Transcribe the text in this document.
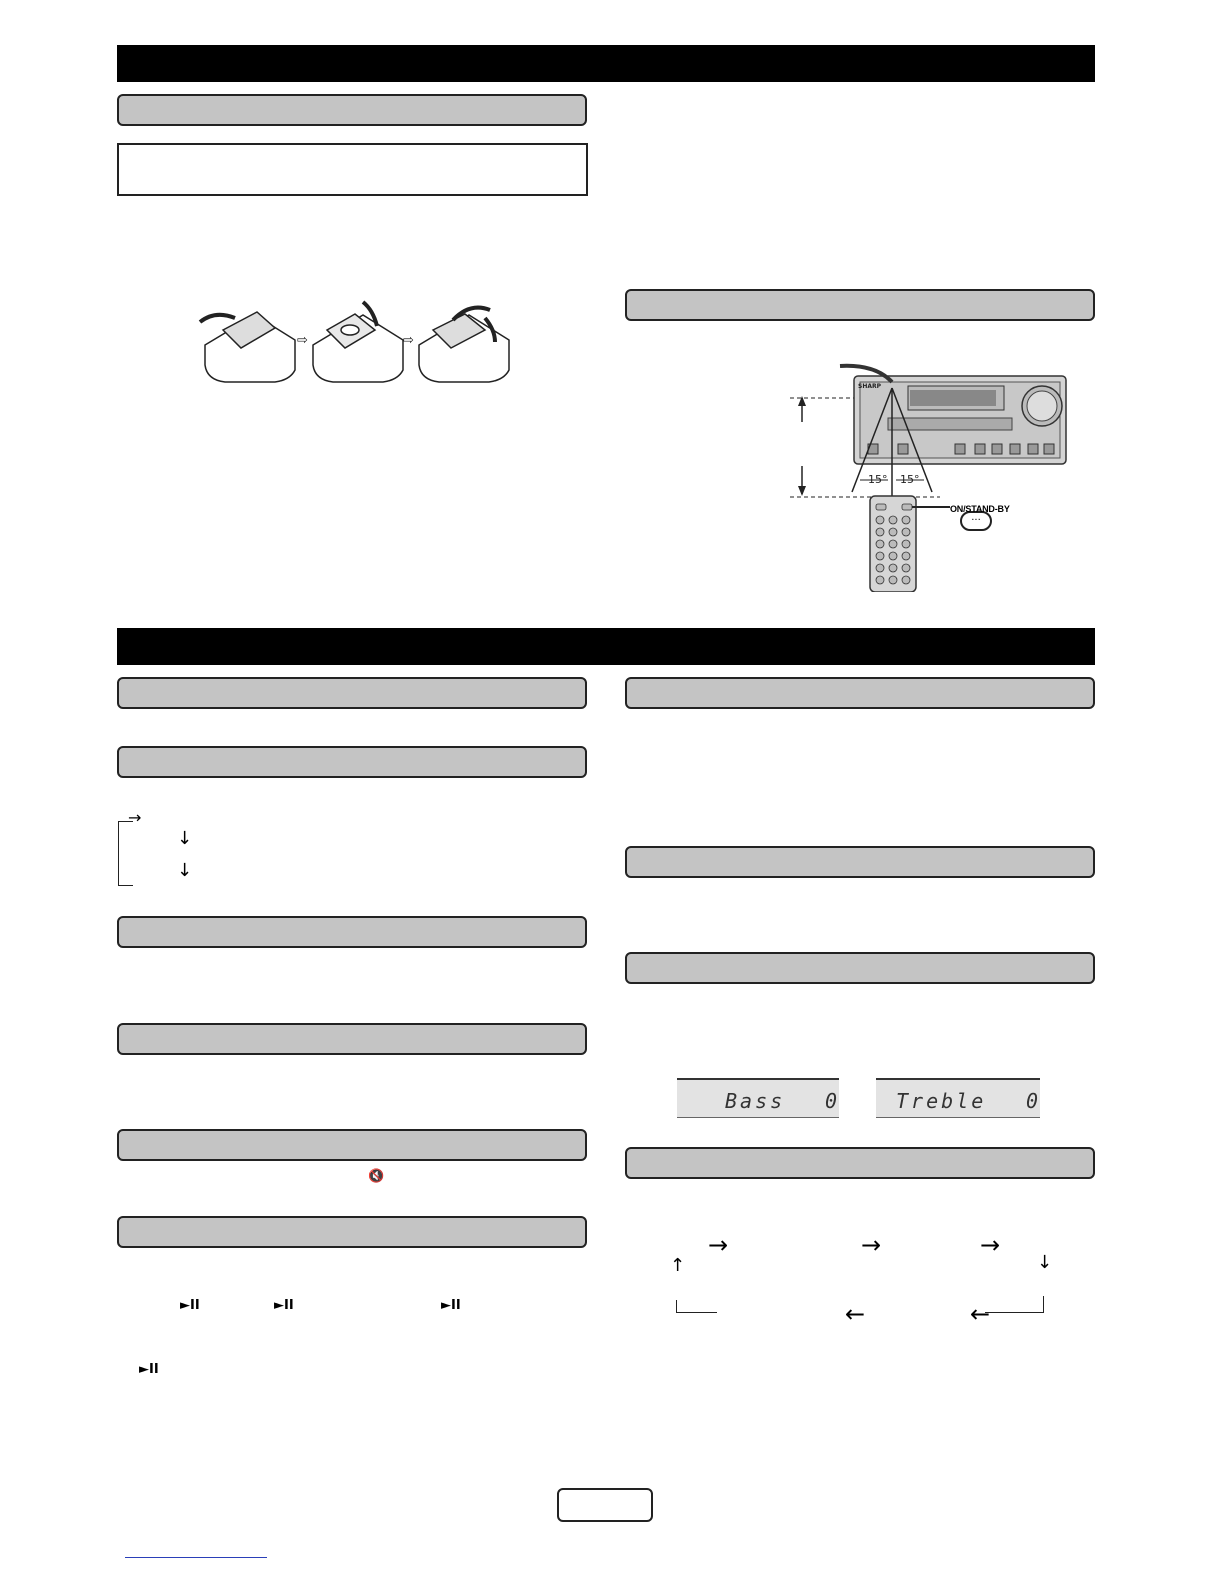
⇨	⇨
SHARP
15° 15°
ON/STAND-BY
···
→
↓
↓
🔇
►II	►II	►II
►II
Bass 0	Treble 0
→	→	→
↑	↓
←	←
